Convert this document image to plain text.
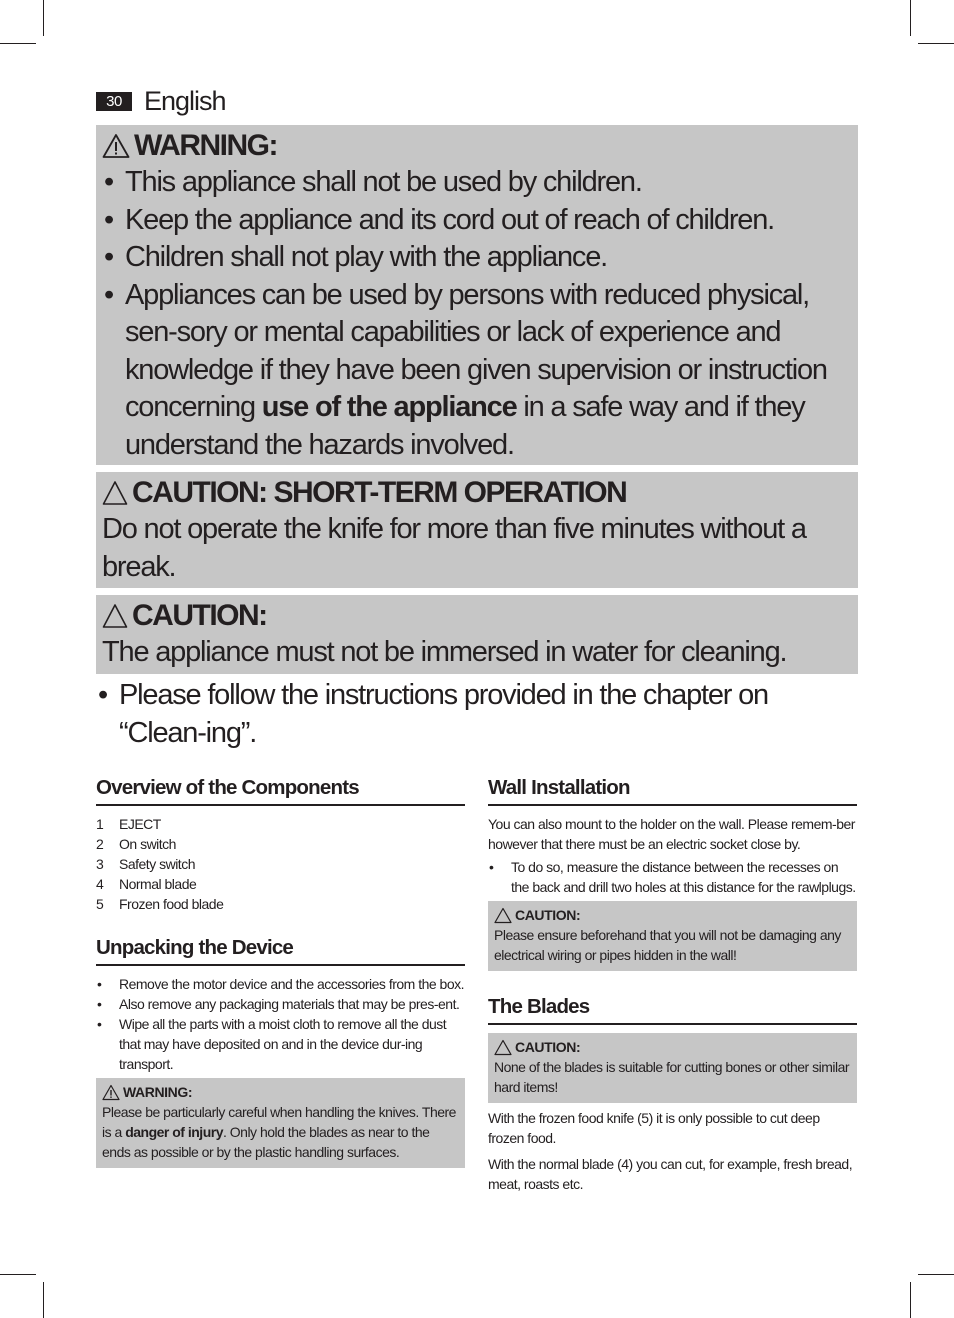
30 English
WARNING:
• This appliance shall not be used by children.
• Keep the appliance and its cord out of reach of children.
• Children shall not play with the appliance.
• Appliances can be used by persons with reduced physical, sen-sory or mental capabilities or lack of experience and knowledge if they have been given supervision or instruction concerning use of the appliance in a safe way and if they understand the hazards involved.
CAUTION: SHORT-TERM OPERATION
Do not operate the knife for more than five minutes without a break.
CAUTION:
The appliance must not be immersed in water for cleaning.
• Please follow the instructions provided in the chapter on “Clean-ing”.
Overview of the Components
1	EJECT
2	On switch
3	Safety switch
4	Normal blade
5	Frozen food blade
Unpacking the Device
• Remove the motor device and the accessories from the box.
• Also remove any packaging materials that may be pres-ent.
• Wipe all the parts with a moist cloth to remove all the dust that may have deposited on and in the device dur-ing transport.
WARNING:
Please be particularly careful when handling the knives. There is a danger of injury. Only hold the blades as near to the ends as possible or by the plastic handling surfaces.
Wall Installation
You can also mount to the holder on the wall. Please remem-ber however that there must be an electric socket close by.
• To do so, measure the distance between the recesses on the back and drill two holes at this distance for the rawlplugs.
CAUTION:
Please ensure beforehand that you will not be damaging any electrical wiring or pipes hidden in the wall!
The Blades
CAUTION:
None of the blades is suitable for cutting bones or other similar hard items!
With the frozen food knife (5) it is only possible to cut deep frozen food.
With the normal blade (4) you can cut, for example, fresh bread, meat, roasts etc.
